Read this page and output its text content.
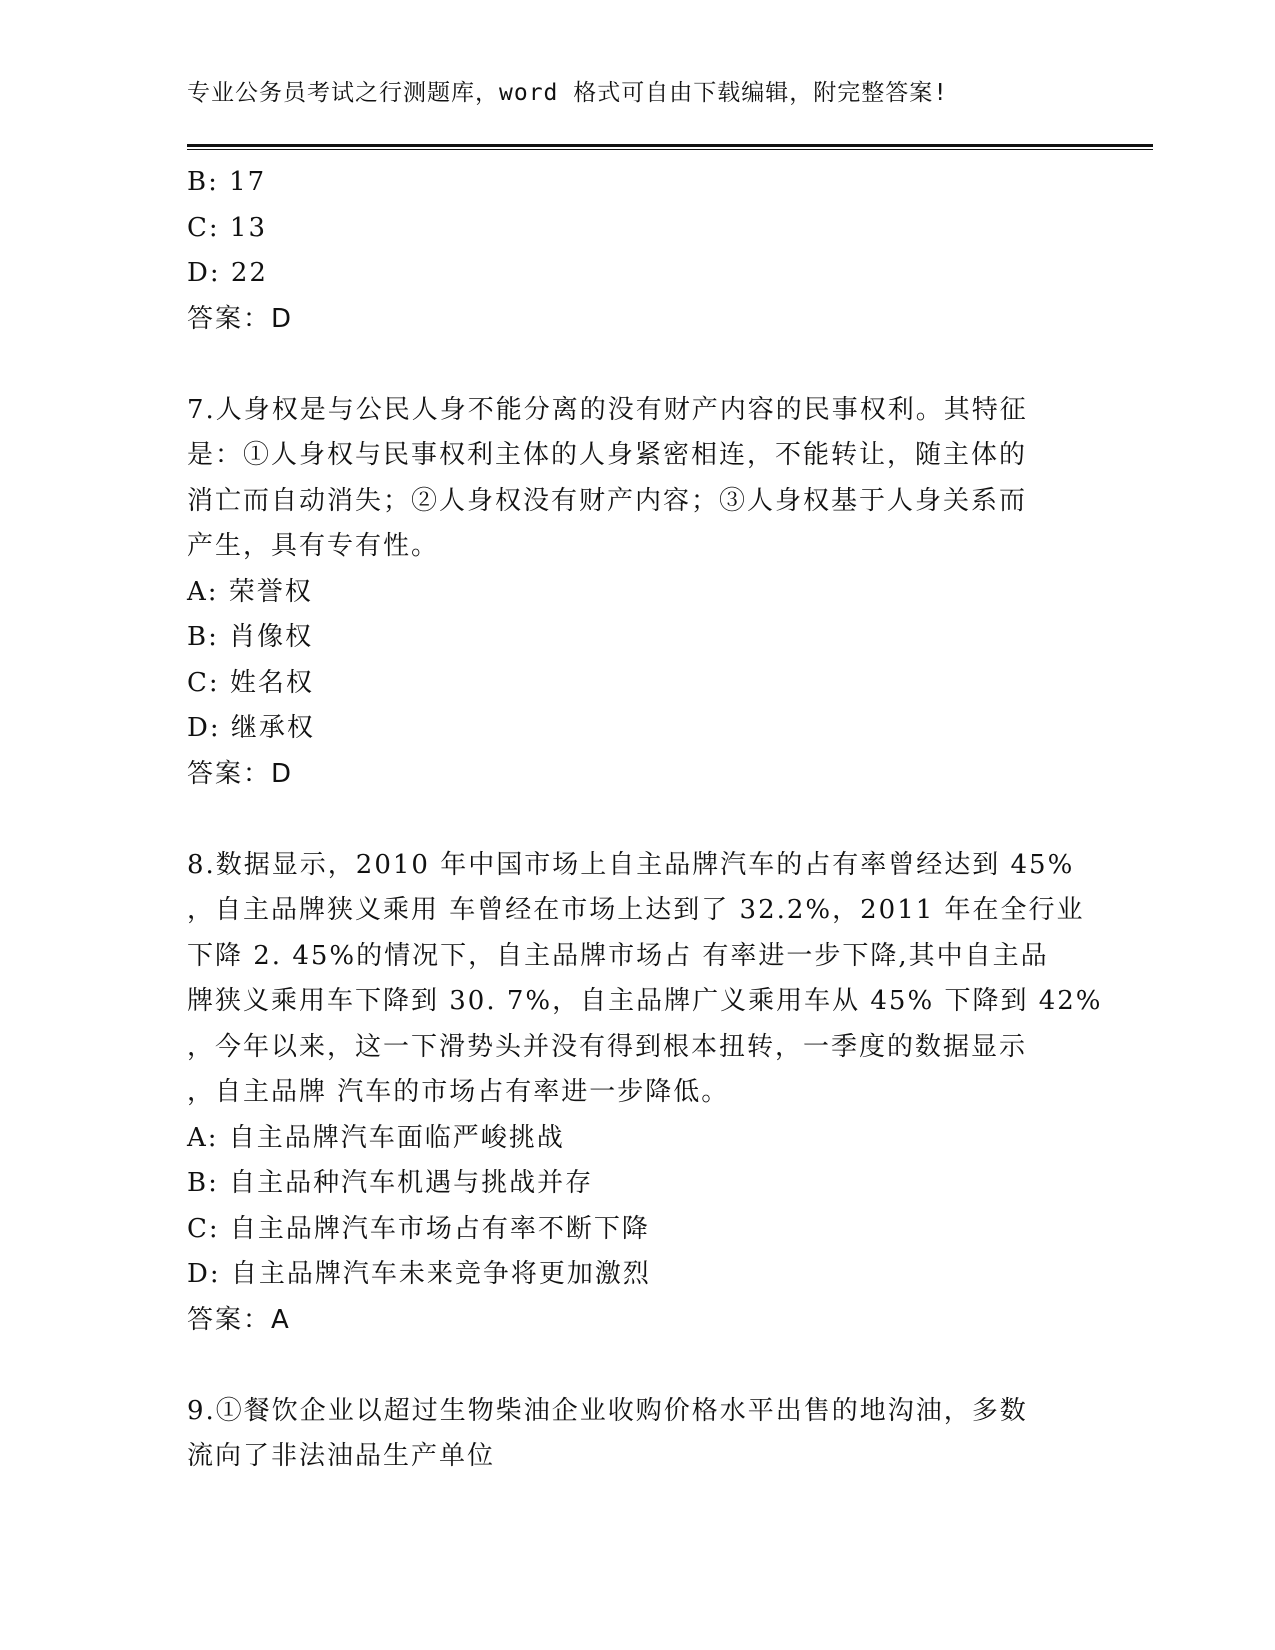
专业公务员考试之行测题库，word 格式可自由下载编辑，附完整答案!
B: 17
C: 13
D: 22
答案：D
7.人身权是与公民人身不能分离的没有财产内容的民事权利。其特征
是：①人身权与民事权利主体的人身紧密相连，不能转让，随主体的
消亡而自动消失；②人身权没有财产内容；③人身权基于人身关系而
产生，具有专有性。
A: 荣誉权
B: 肖像权
C: 姓名权
D: 继承权
答案：D
8.数据显示，2010 年中国市场上自主品牌汽车的占有率曾经达到 45%
，自主品牌狭义乘用 车曾经在市场上达到了 32.2%，2011 年在全行业
下降 2. 45%的情况下，自主品牌市场占 有率进一步下降,其中自主品
牌狭义乘用车下降到 30. 7%，自主品牌广义乘用车从 45% 下降到 42%
，今年以来，这一下滑势头并没有得到根本扭转，一季度的数据显示
，自主品牌 汽车的市场占有率进一步降低。
A: 自主品牌汽车面临严峻挑战
B: 自主品种汽车机遇与挑战并存
C: 自主品牌汽车市场占有率不断下降
D: 自主品牌汽车未来竞争将更加激烈
答案：A
9.①餐饮企业以超过生物柴油企业收购价格水平出售的地沟油，多数
流向了非法油品生产单位
